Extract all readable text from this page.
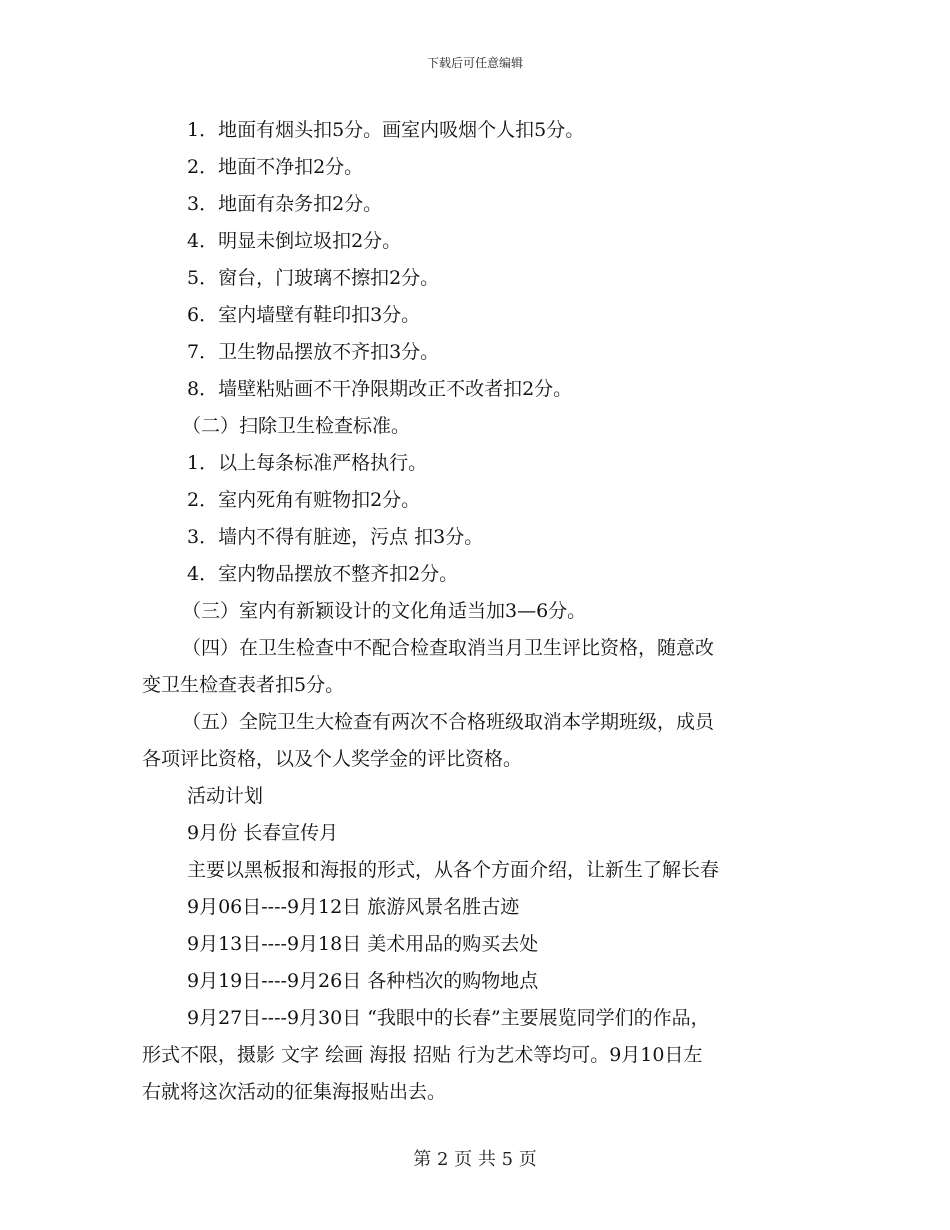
下载后可任意编辑
1．地面有烟头扣5分。画室内吸烟个人扣5分。
2．地面不净扣2分。
3．地面有杂务扣2分。
4．明显未倒垃圾扣2分。
5．窗台，门玻璃不擦扣2分。
6．室内墙壁有鞋印扣3分。
7．卫生物品摆放不齐扣3分。
8．墙壁粘贴画不干净限期改正不改者扣2分。
（二）扫除卫生检查标准。
1．以上每条标准严格执行。
2．室内死角有赃物扣2分。
3．墙内不得有脏迹，污点 扣3分。
4．室内物品摆放不整齐扣2分。
（三）室内有新颖设计的文化角适当加3—6分。
（四）在卫生检查中不配合检查取消当月卫生评比资格，随意改
变卫生检查表者扣5分。
（五）全院卫生大检查有两次不合格班级取消本学期班级，成员
各项评比资格，以及个人奖学金的评比资格。
活动计划
9月份 长春宣传月
主要以黑板报和海报的形式，从各个方面介绍，让新生了解长春
9月06日----9月12日 旅游风景名胜古迹
9月13日----9月18日 美术用品的购买去处
9月19日----9月26日 各种档次的购物地点
9月27日----9月30日 “我眼中的长春”主要展览同学们的作品，
形式不限，摄影 文字 绘画 海报 招贴 行为艺术等均可。9月10日左
右就将这次活动的征集海报贴出去。
第 2 页 共 5 页
